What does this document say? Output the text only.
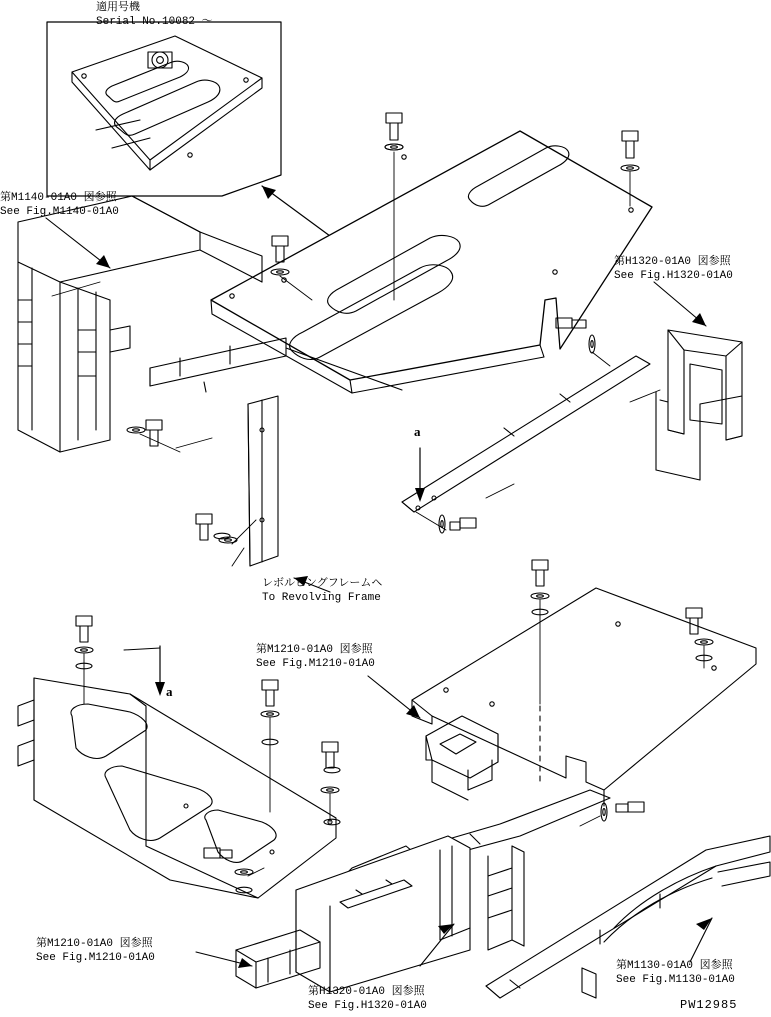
適用号機
Serial No.10082 ～
第M1140-01A0 図参照
See Fig.M1140-01A0
第H1320-01A0 図参照
See Fig.H1320-01A0
レボルビングフレームヘ
To Revolving Frame
第M1210-01A0 図参照
See Fig.M1210-01A0
第M1210-01A0 図参照
See Fig.M1210-01A0
第H1320-01A0 図参照
See Fig.H1320-01A0
第M1130-01A0 図参照
See Fig.M1130-01A0
a
a
PW12985
